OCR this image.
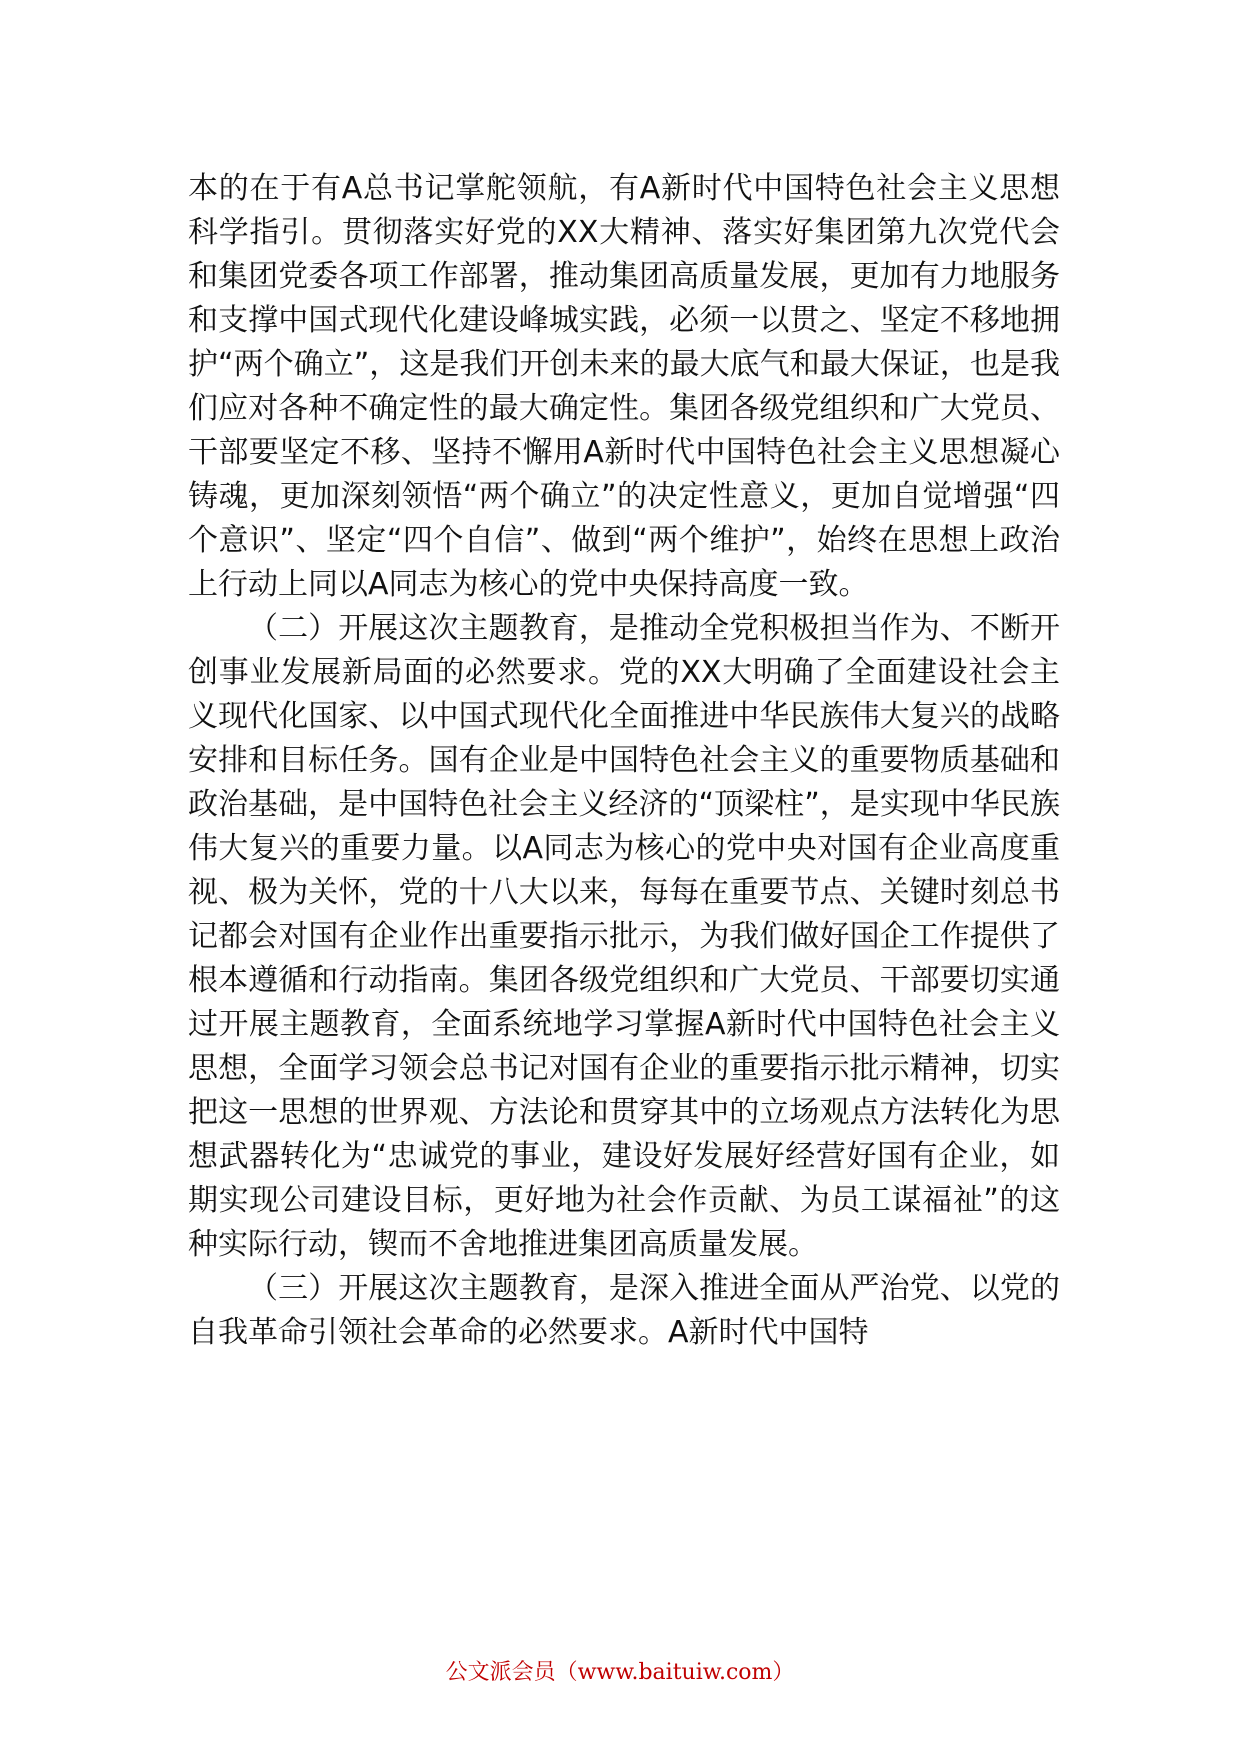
本的在于有A总书记掌舵领航，有A新时代中国特色社会主义思想科学指引。贯彻落实好党的XX大精神、落实好集团第九次党代会和集团党委各项工作部署，推动集团高质量发展，更加有力地服务和支撑中国式现代化建设峰城实践，必须一以贯之、坚定不移地拥护“两个确立”，这是我们开创未来的最大底气和最大保证，也是我们应对各种不确定性的最大确定性。集团各级党组织和广大党员、干部要坚定不移、坚持不懈用A新时代中国特色社会主义思想凝心铸魂，更加深刻领悟“两个确立”的决定性意义，更加自觉增强“四个意识”、坚定“四个自信”、做到“两个维护”，始终在思想上政治上行动上同以A同志为核心的党中央保持高度一致。

（二）开展这次主题教育，是推动全党积极担当作为、不断开创事业发展新局面的必然要求。党的XX大明确了全面建设社会主义现代化国家、以中国式现代化全面推进中华民族伟大复兴的战略安排和目标任务。国有企业是中国特色社会主义的重要物质基础和政治基础，是中国特色社会主义经济的“顶梁柱”，是实现中华民族伟大复兴的重要力量。以A同志为核心的党中央对国有企业高度重视、极为关怀，党的十八大以来，每每在重要节点、关键时刻总书记都会对国有企业作出重要指示批示，为我们做好国企工作提供了根本遵循和行动指南。集团各级党组织和广大党员、干部要切实通过开展主题教育，全面系统地学习掌握A新时代中国特色社会主义思想，全面学习领会总书记对国有企业的重要指示批示精神，切实把这一思想的世界观、方法论和贯穿其中的立场观点方法转化为思想武器转化为“忠诚党的事业，建设好发展好经营好国有企业，如期实现公司建设目标，更好地为社会作贡献、为员工谋福祉”的这种实际行动，锲而不舍地推进集团高质量发展。

（三）开展这次主题教育，是深入推进全面从严治党、以党的自我革命引领社会革命的必然要求。A新时代中国特

公文派会员（www.baituiw.com）
